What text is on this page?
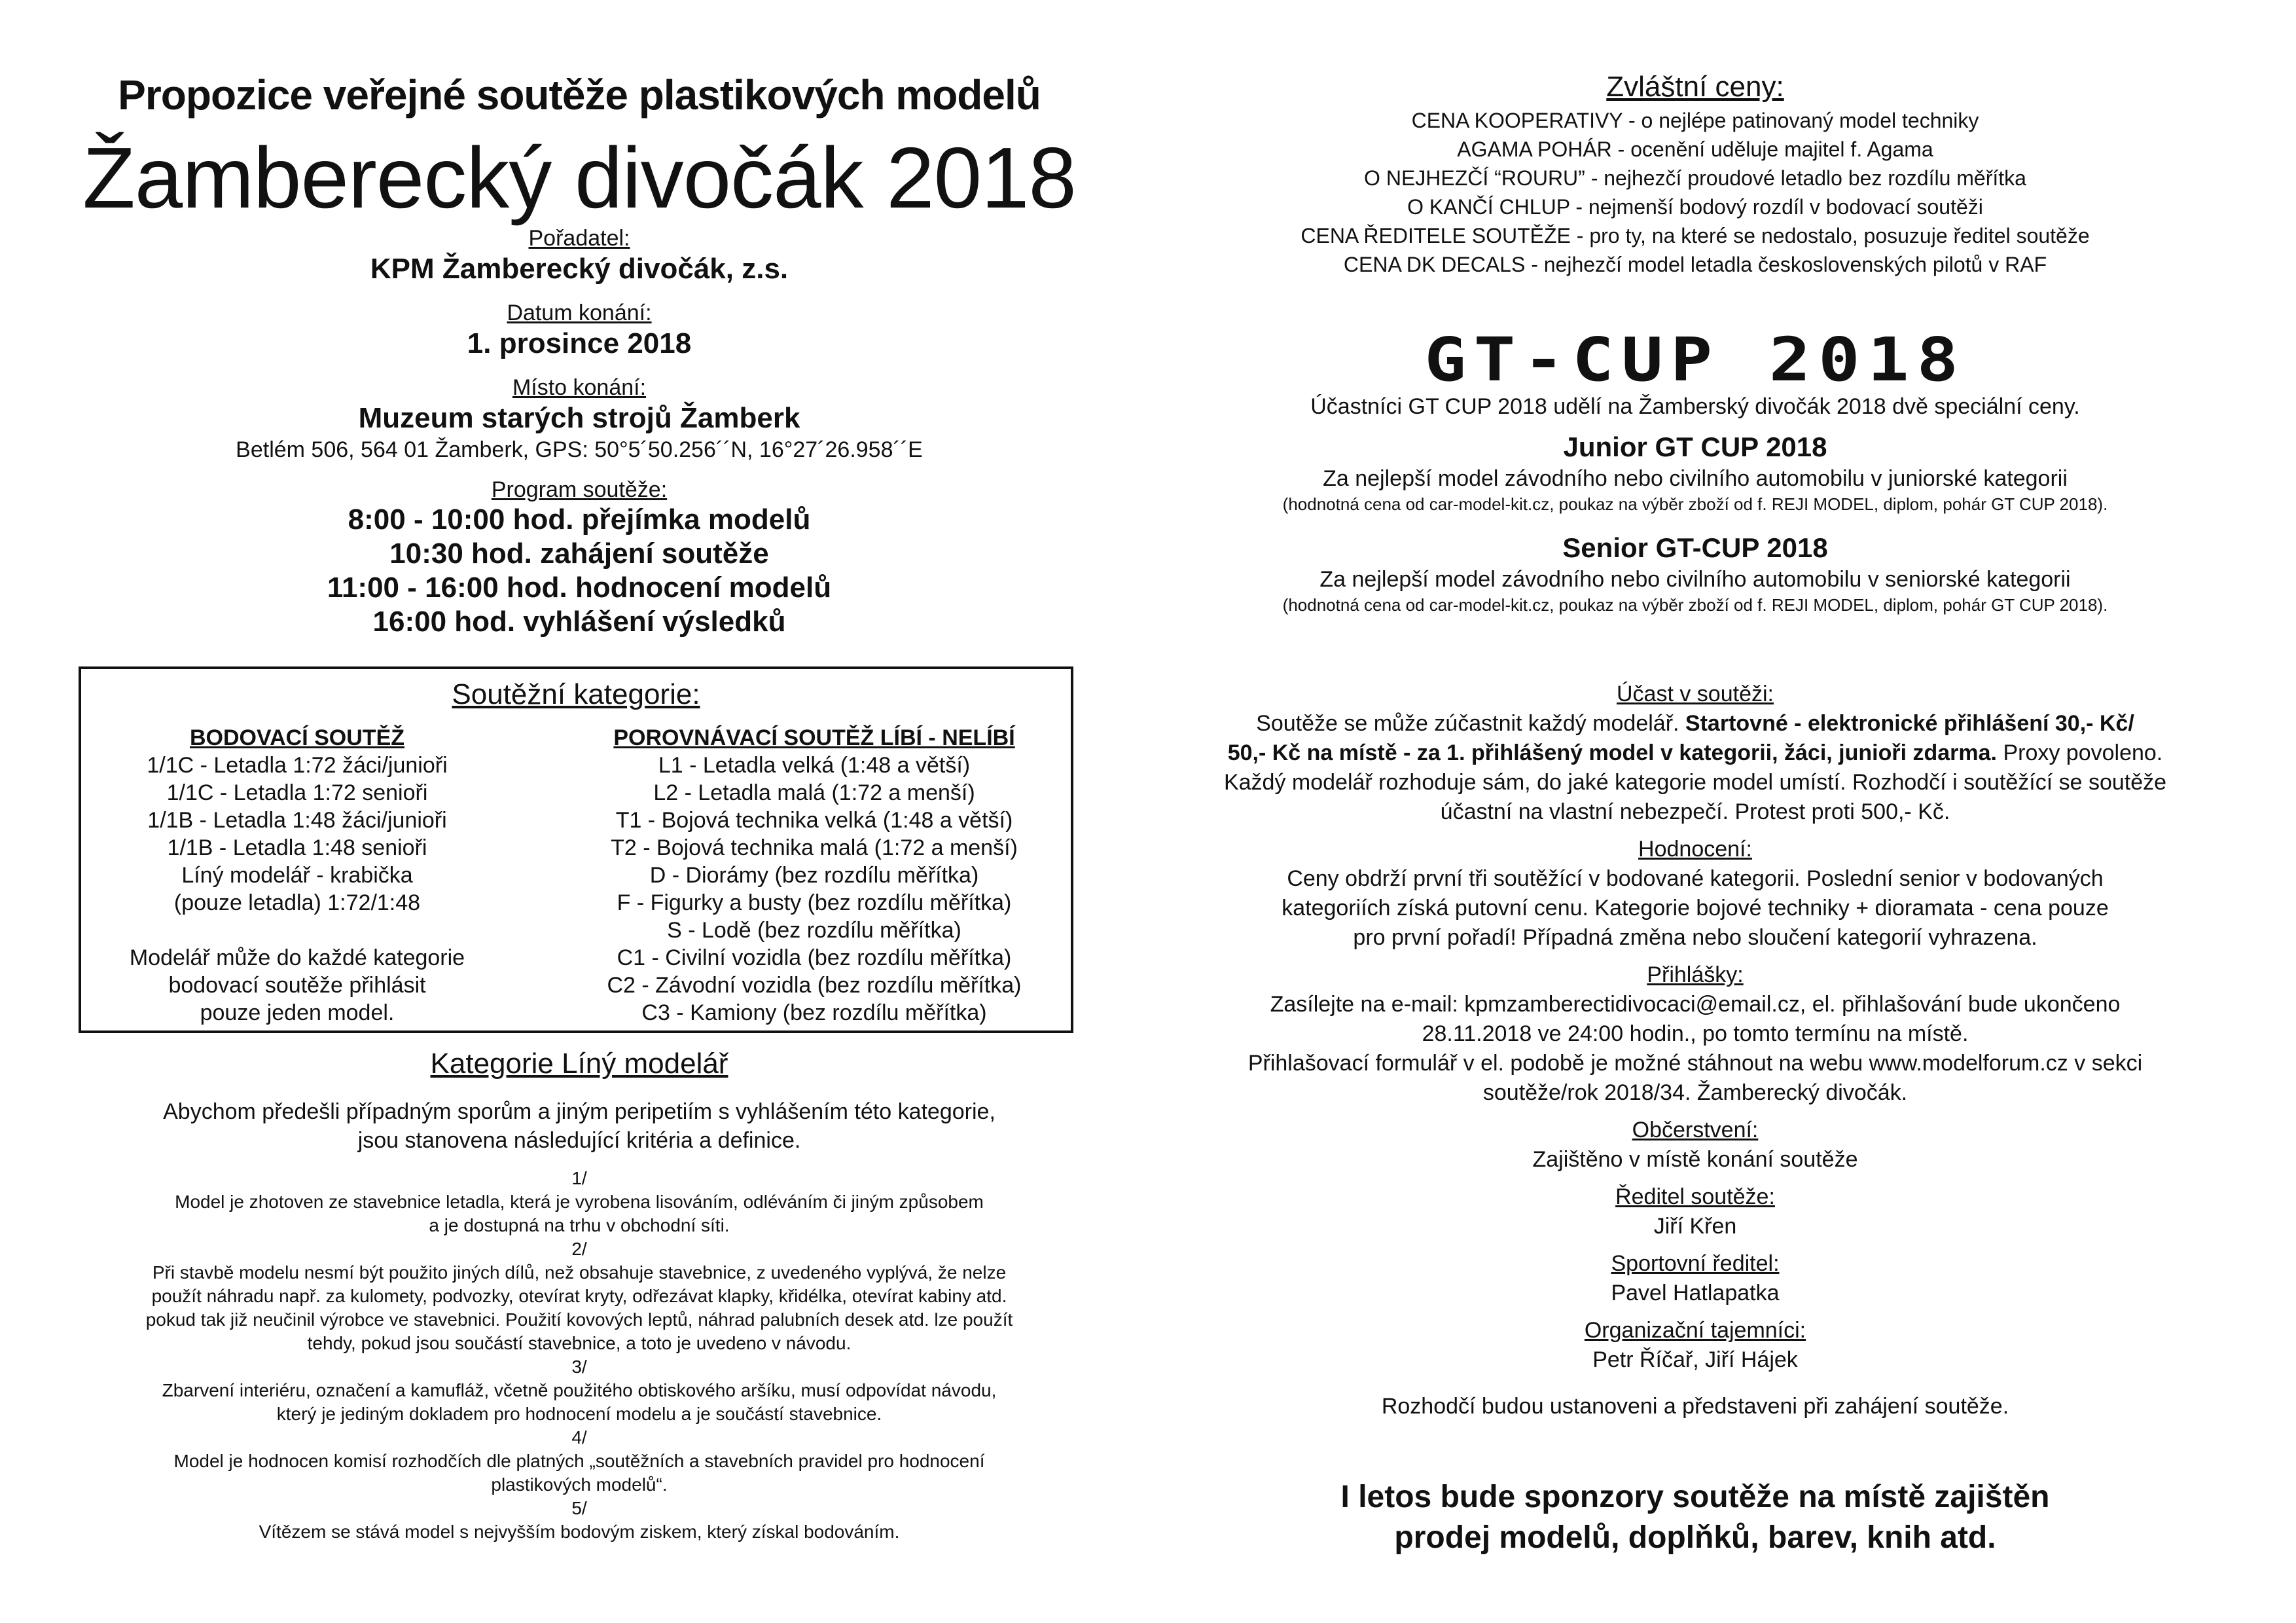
Propozice veřejné soutěže plastikových modelů
Žamberecký divočák 2018
Pořadatel:
KPM Žamberecký divočák, z.s.
Datum konání:
1. prosince 2018
Místo konání:
Muzeum starých strojů Žamberk
Betlém 506, 564 01 Žamberk, GPS: 50°5´50.256´´N, 16°27´26.958´´E
Program soutěže:
8:00 - 10:00 hod. přejímka modelů
10:30 hod. zahájení soutěže
11:00 - 16:00 hod. hodnocení modelů
16:00 hod. vyhlášení výsledků
Soutěžní kategorie:
BODOVACÍ SOUTĚŽ
1/1C - Letadla 1:72 žáci/junioři
1/1C - Letadla 1:72 senioři
1/1B - Letadla 1:48 žáci/junioři
1/1B - Letadla 1:48 senioři
Líný modelář - krabička
(pouze letadla) 1:72/1:48
Modelář může do každé kategorie
bodovací soutěže přihlásit
pouze jeden model.
POROVNÁVACÍ SOUTĚŽ LÍBÍ - NELÍBÍ
L1 - Letadla velká (1:48 a větší)
L2 - Letadla malá (1:72 a menší)
T1 - Bojová technika velká (1:48 a větší)
T2 - Bojová technika malá (1:72 a menší)
D - Diorámy (bez rozdílu měřítka)
F - Figurky a busty (bez rozdílu měřítka)
S - Lodě (bez rozdílu měřítka)
C1 - Civilní vozidla (bez rozdílu měřítka)
C2 - Závodní vozidla (bez rozdílu měřítka)
C3 - Kamiony (bez rozdílu měřítka)
Kategorie Líný modelář
Abychom předešli případným sporům a jiným peripetiím s vyhlášením této kategorie,
jsou stanovena následující kritéria a definice.
1/
Model je zhotoven ze stavebnice letadla, která je vyrobena lisováním, odléváním či jiným způsobem
a je dostupná na trhu v obchodní síti.
2/
Při stavbě modelu nesmí být použito jiných dílů, než obsahuje stavebnice, z uvedeného vyplývá, že nelze
použít náhradu např. za kulomety, podvozky, otevírat kryty, odřezávat klapky, křidélka, otevírat kabiny atd.
pokud tak již neučinil výrobce ve stavebnici. Použití kovových leptů, náhrad palubních desek atd. lze použít
tehdy, pokud jsou součástí stavebnice, a toto je uvedeno v návodu.
3/
Zbarvení interiéru, označení a kamufláž, včetně použitého obtiskového aršíku, musí odpovídat návodu,
který je jediným dokladem pro hodnocení modelu a je součástí stavebnice.
4/
Model je hodnocen komisí rozhodčích dle platných „soutěžních a stavebních pravidel pro hodnocení
plastikových modelů“.
5/
Vítězem se stává model s nejvyšším bodovým ziskem, který získal bodováním.
Zvláštní ceny:
CENA KOOPERATIVY - o nejlépe patinovaný model techniky
AGAMA POHÁR - ocenění uděluje majitel f. Agama
O NEJHEZČÍ “ROURU” - nejhezčí proudové letadlo bez rozdílu měřítka
O KANČÍ CHLUP - nejmenší bodový rozdíl v bodovací soutěži
CENA ŘEDITELE SOUTĚŽE - pro ty, na které se nedostalo, posuzuje ředitel soutěže
CENA DK DECALS - nejhezčí model letadla československých pilotů v RAF
GT-CUP 2018
Účastníci GT CUP 2018 udělí na Žamberský divočák 2018 dvě speciální ceny.
Junior GT CUP 2018
Za nejlepší model závodního nebo civilního automobilu v juniorské kategorii
(hodnotná cena od car-model-kit.cz, poukaz na výběr zboží od f. REJI MODEL, diplom, pohár GT CUP 2018).
Senior GT-CUP 2018
Za nejlepší model závodního nebo civilního automobilu v seniorské kategorii
(hodnotná cena od car-model-kit.cz, poukaz na výběr zboží od f. REJI MODEL, diplom, pohár GT CUP 2018).
Účast v soutěži:
Soutěže se může zúčastnit každý modelář. Startovné - elektronické přihlášení 30,- Kč/
50,- Kč na místě - za 1. přihlášený model v kategorii, žáci, junioři zdarma. Proxy povoleno.
Každý modelář rozhoduje sám, do jaké kategorie model umístí. Rozhodčí i soutěžící se soutěže
účastní na vlastní nebezpečí. Protest proti 500,- Kč.
Hodnocení:
Ceny obdrží první tři soutěžící v bodované kategorii. Poslední senior v bodovaných
kategoriích získá putovní cenu. Kategorie bojové techniky + dioramata - cena pouze
pro první pořadí! Případná změna nebo sloučení kategorií vyhrazena.
Přihlášky:
Zasílejte na e-mail: kpmzamberectidivocaci@email.cz, el. přihlašování bude ukončeno
28.11.2018 ve 24:00 hodin., po tomto termínu na místě.
Přihlašovací formulář v el. podobě je možné stáhnout na webu www.modelforum.cz v sekci
soutěže/rok 2018/34. Žamberecký divočák.
Občerstvení:
Zajištěno v místě konání soutěže
Ředitel soutěže:
Jiří Křen
Sportovní ředitel:
Pavel Hatlapatka
Organizační tajemníci:
Petr Říčař, Jiří Hájek
Rozhodčí budou ustanoveni a představeni při zahájení soutěže.
I letos bude sponzory soutěže na místě zajištěn
prodej modelů, doplňků, barev, knih atd.
